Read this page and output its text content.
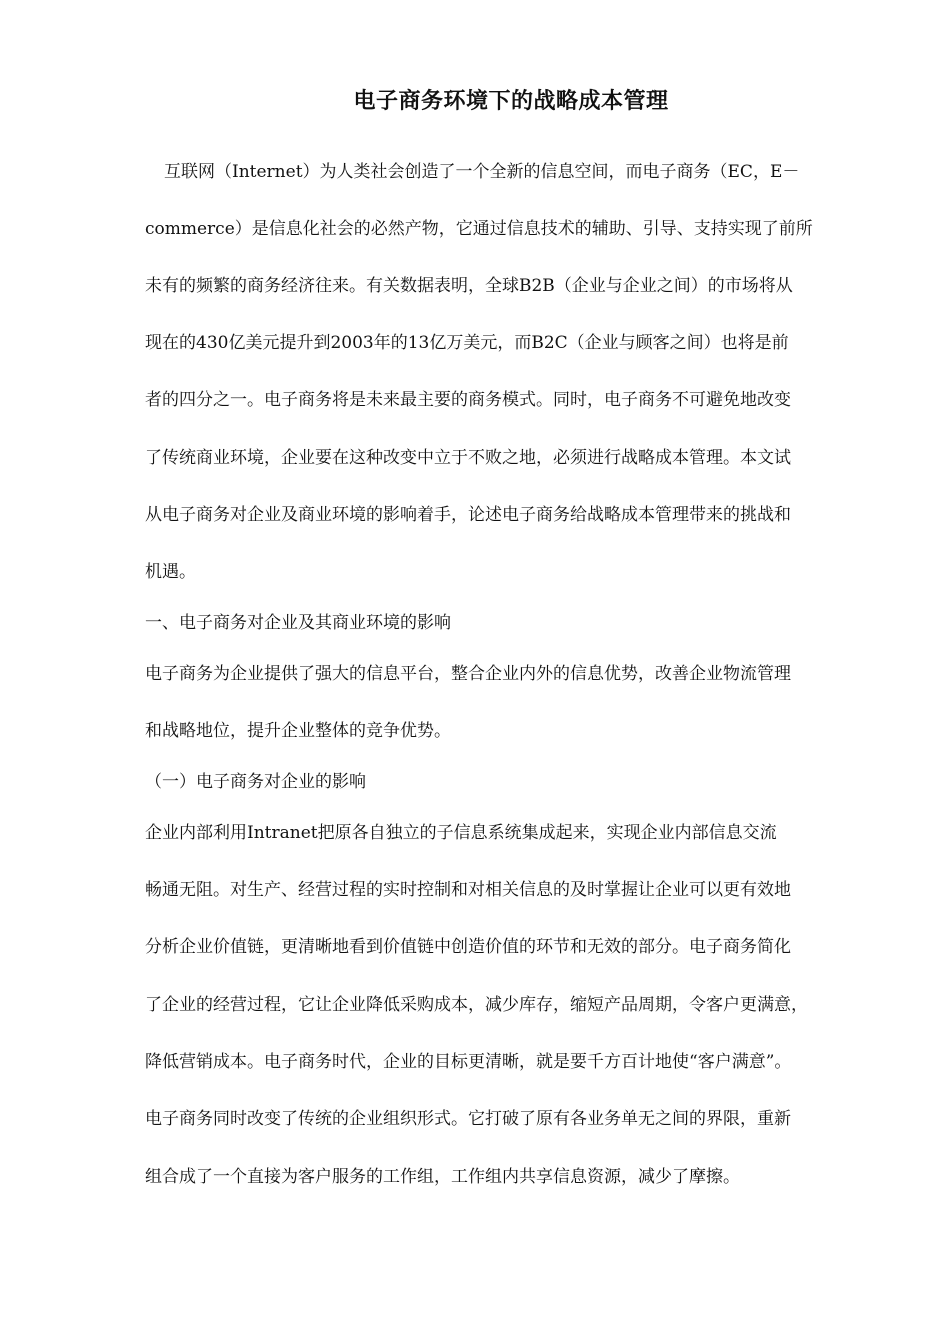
电子商务环境下的战略成本管理

互联网（Internet）为人类社会创造了一个全新的信息空间，而电子商务（EC，E－

commerce）是信息化社会的必然产物，它通过信息技术的辅助、引导、支持实现了前所

未有的频繁的商务经济往来。有关数据表明，全球B2B（企业与企业之间）的市场将从

现在的430亿美元提升到2003年的13亿万美元，而B2C（企业与顾客之间）也将是前

者的四分之一。电子商务将是未来最主要的商务模式。同时，电子商务不可避免地改变

了传统商业环境，企业要在这种改变中立于不败之地，必须进行战略成本管理。本文试

从电子商务对企业及商业环境的影响着手，论述电子商务给战略成本管理带来的挑战和

机遇。

一、电子商务对企业及其商业环境的影响

电子商务为企业提供了强大的信息平台，整合企业内外的信息优势，改善企业物流管理

和战略地位，提升企业整体的竞争优势。

（一）电子商务对企业的影响

企业内部利用Intranet把原各自独立的子信息系统集成起来，实现企业内部信息交流

畅通无阻。对生产、经营过程的实时控制和对相关信息的及时掌握让企业可以更有效地

分析企业价值链，更清晰地看到价值链中创造价值的环节和无效的部分。电子商务简化

了企业的经营过程，它让企业降低采购成本，减少库存，缩短产品周期，令客户更满意，

降低营销成本。电子商务时代，企业的目标更清晰，就是要千方百计地使“客户满意”。

电子商务同时改变了传统的企业组织形式。它打破了原有各业务单无之间的界限，重新

组合成了一个直接为客户服务的工作组，工作组内共享信息资源，减少了摩擦。
